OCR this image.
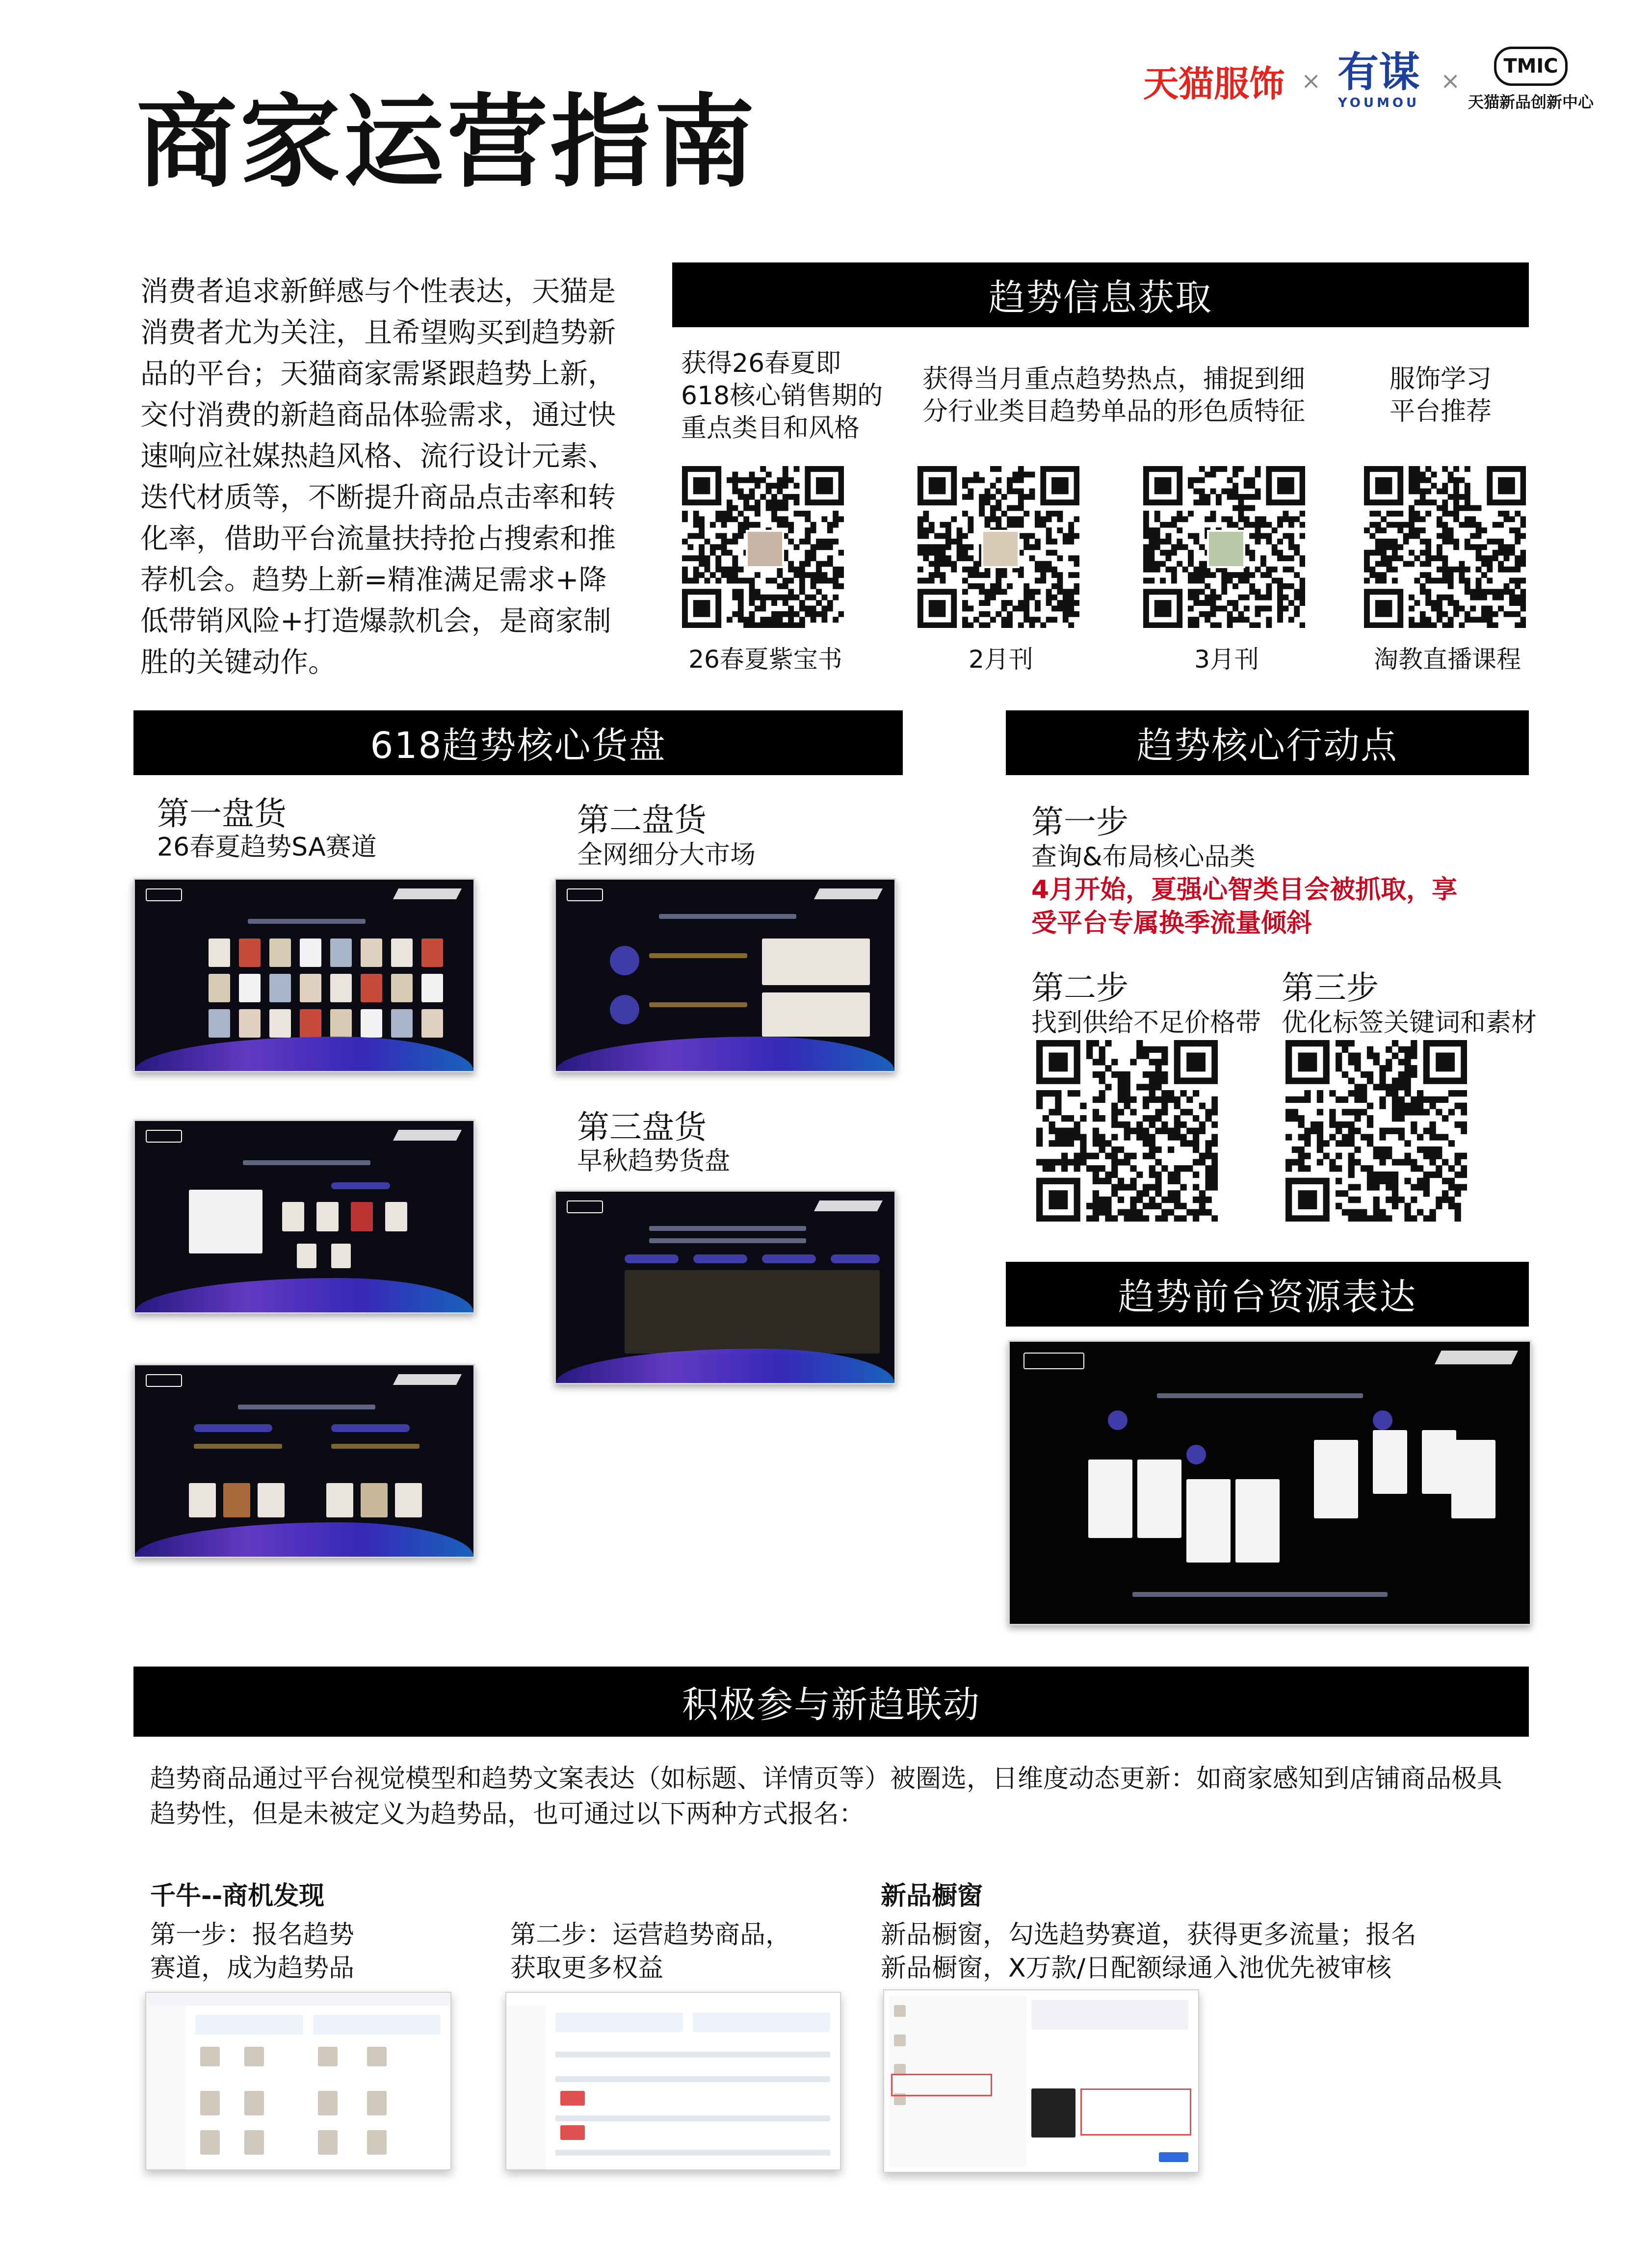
商家运营指南	天猫服饰 × 有谋
YOUMOU
×
TMIC
天猫新品创新中心
消费者追求新鲜感与个性表达，天猫是消费者尤为关注，且希望购买到趋势新品的平台；天猫商家需紧跟趋势上新，交付消费的新趋商品体验需求，通过快速响应社媒热趋风格、流行设计元素、迭代材质等，不断提升商品点击率和转化率，借助平台流量扶持抢占搜索和推荐机会。趋势上新=精准满足需求+降低带销风险+打造爆款机会，是商家制胜的关键动作。
趋势信息获取
获得26春夏即618核心销售期的重点类目和风格
获得当月重点趋势热点，捕捉到细分行业类目趋势单品的形色质特征
服饰学习平台推荐
26春夏紫宝书	2月刊	3月刊	淘教直播课程
618趋势核心货盘
第一盘货
26春夏趋势SA赛道
第二盘货
全网细分大市场
第三盘货
早秋趋势货盘
趋势核心行动点
第一步
查询&布局核心品类
4月开始，夏强心智类目会被抓取，享受平台专属换季流量倾斜
第二步
找到供给不足价格带
第三步
优化标签关键词和素材
趋势前台资源表达
积极参与新趋联动
趋势商品通过平台视觉模型和趋势文案表达（如标题、详情页等）被圈选，日维度动态更新：如商家感知到店铺商品极具趋势性，但是未被定义为趋势品，也可通过以下两种方式报名：
千牛--商机发现
第一步：报名趋势赛道，成为趋势品
第二步：运营趋势商品，获取更多权益
新品橱窗
新品橱窗，勾选趋势赛道，获得更多流量；报名新品橱窗，X万款/日配额绿通入池优先被审核
